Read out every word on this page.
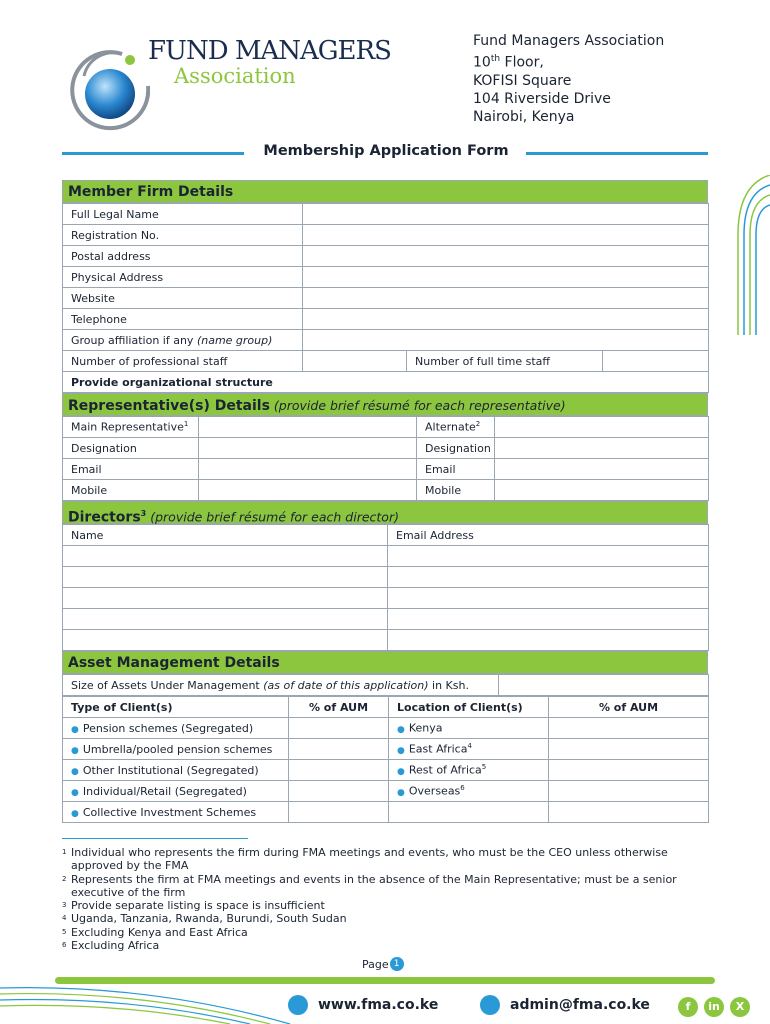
FUND MANAGERS
Association
Fund Managers Association
10th Floor,
KOFISI Square
104 Riverside Drive
Nairobi, Kenya
Membership Application Form
Member Firm Details
Full Legal Name			
Registration No.			
Postal address			
Physical Address			
Website			
Telephone			
Group affiliation if any (name group)			
Number of professional staff		Number of full time staff	
Provide organizational structure			
Representative(s) Details (provide brief résumé for each representative)
Main Representative$^1$		Alternate$^2$	
Designation		Designation	
Email		Email	
Mobile		Mobile	
Directors$^3$ (provide brief résumé for each director)
Name	Email Address

Asset Management Details
Size of Assets Under Management (as of date of this application) in Ksh.	
Type of Client(s)	% of AUM	Location of Client(s)	% of AUM
● Pension schemes (Segregated)		● Kenya	
● Umbrella/pooled pension schemes		● East Africa$^4$	
● Other Institutional (Segregated)		● Rest of Africa$^5$	
● Individual/Retail (Segregated)		● Overseas$^6$	
● Collective Investment Schemes			
1 Individual who represents the firm during FMA meetings and events, who must be the CEO unless otherwise approved by the FMA
2 Represents the firm at FMA meetings and events in the absence of the Main Representative; must be a senior executive of the firm
3 Provide separate listing is space is insufficient
4 Uganda, Tanzania, Rwanda, Burundi, South Sudan
5 Excluding Kenya and East Africa
6 Excluding Africa
Page 1
www.fma.co.ke	admin@fma.co.ke	f	in	X
